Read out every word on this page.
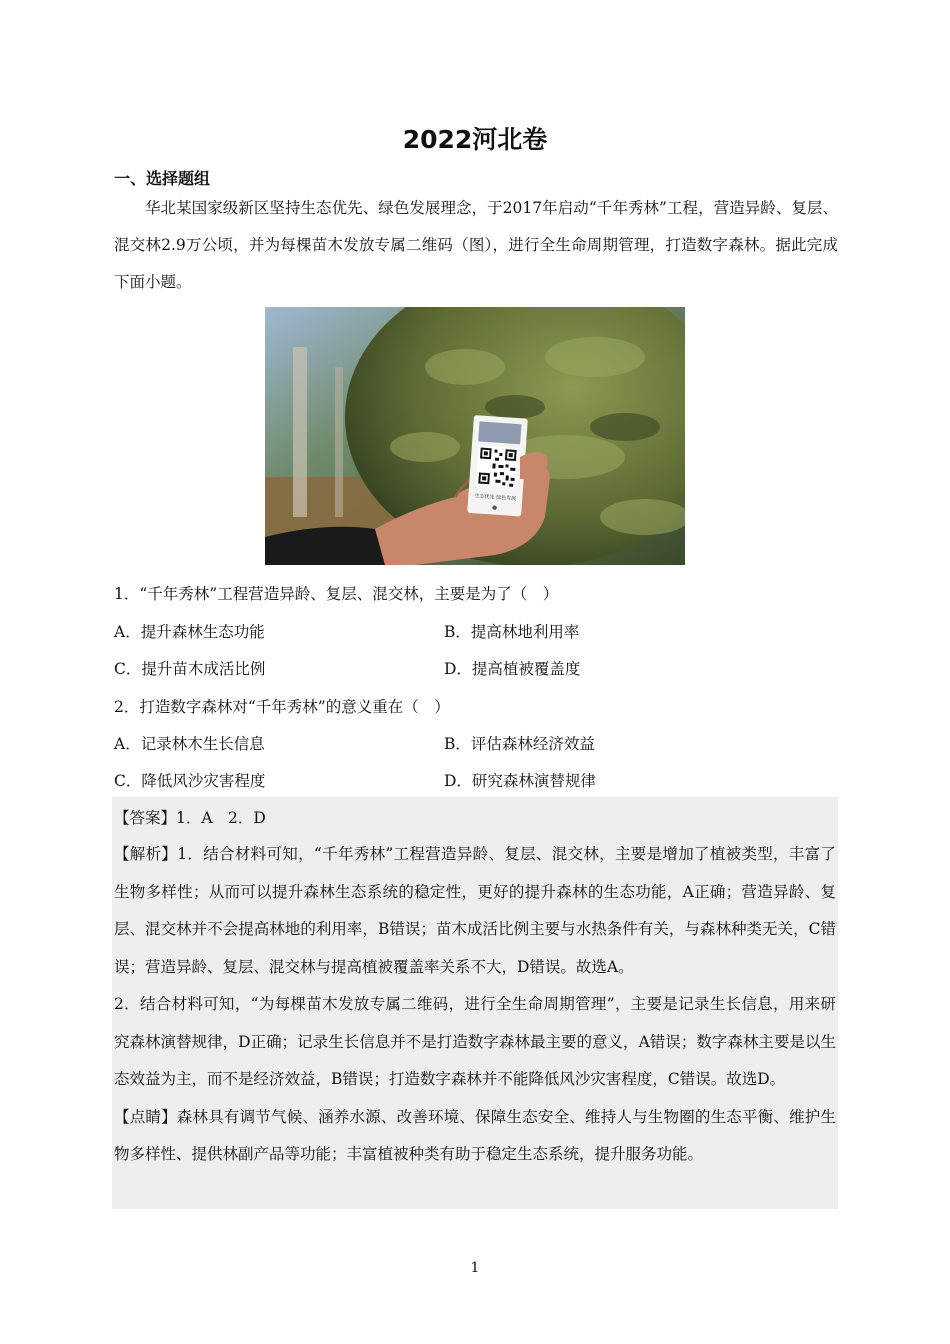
2022河北卷
一、选择题组

华北某国家级新区坚持生态优先、绿色发展理念，于2017年启动“千年秀林”工程，营造异龄、复层、混交林2.9万公顷，并为每棵苗木发放专属二维码（图），进行全生命周期管理，打造数字森林。据此完成下面小题。

生态优先 绿色发展
1．“千年秀林”工程营造异龄、复层、混交林，主要是为了（　）
A．提升森林生态功能	B．提高林地利用率
C．提升苗木成活比例	D．提高植被覆盖度
2．打造数字森林对“千年秀林”的意义重在（　）
A．记录林木生长信息	B．评估森林经济效益
C．降低风沙灾害程度	D．研究森林演替规律
【答案】1．A　2．D

【解析】1．结合材料可知，“千年秀林”工程营造异龄、复层、混交林，主要是增加了植被类型，丰富了生物多样性；从而可以提升森林生态系统的稳定性，更好的提升森林的生态功能，A正确；营造异龄、复层、混交林并不会提高林地的利用率，B错误；苗木成活比例主要与水热条件有关，与森林种类无关，C错误；营造异龄、复层、混交林与提高植被覆盖率关系不大，D错误。故选A。

2．结合材料可知，“为每棵苗木发放专属二维码，进行全生命周期管理”，主要是记录生长信息，用来研究森林演替规律，D正确；记录生长信息并不是打造数字森林最主要的意义，A错误；数字森林主要是以生态效益为主，而不是经济效益，B错误；打造数字森林并不能降低风沙灾害程度，C错误。故选D。

【点睛】森林具有调节气候、涵养水源、改善环境、保障生态安全、维持人与生物圈的生态平衡、维护生物多样性、提供林副产品等功能；丰富植被种类有助于稳定生态系统，提升服务功能。

1
